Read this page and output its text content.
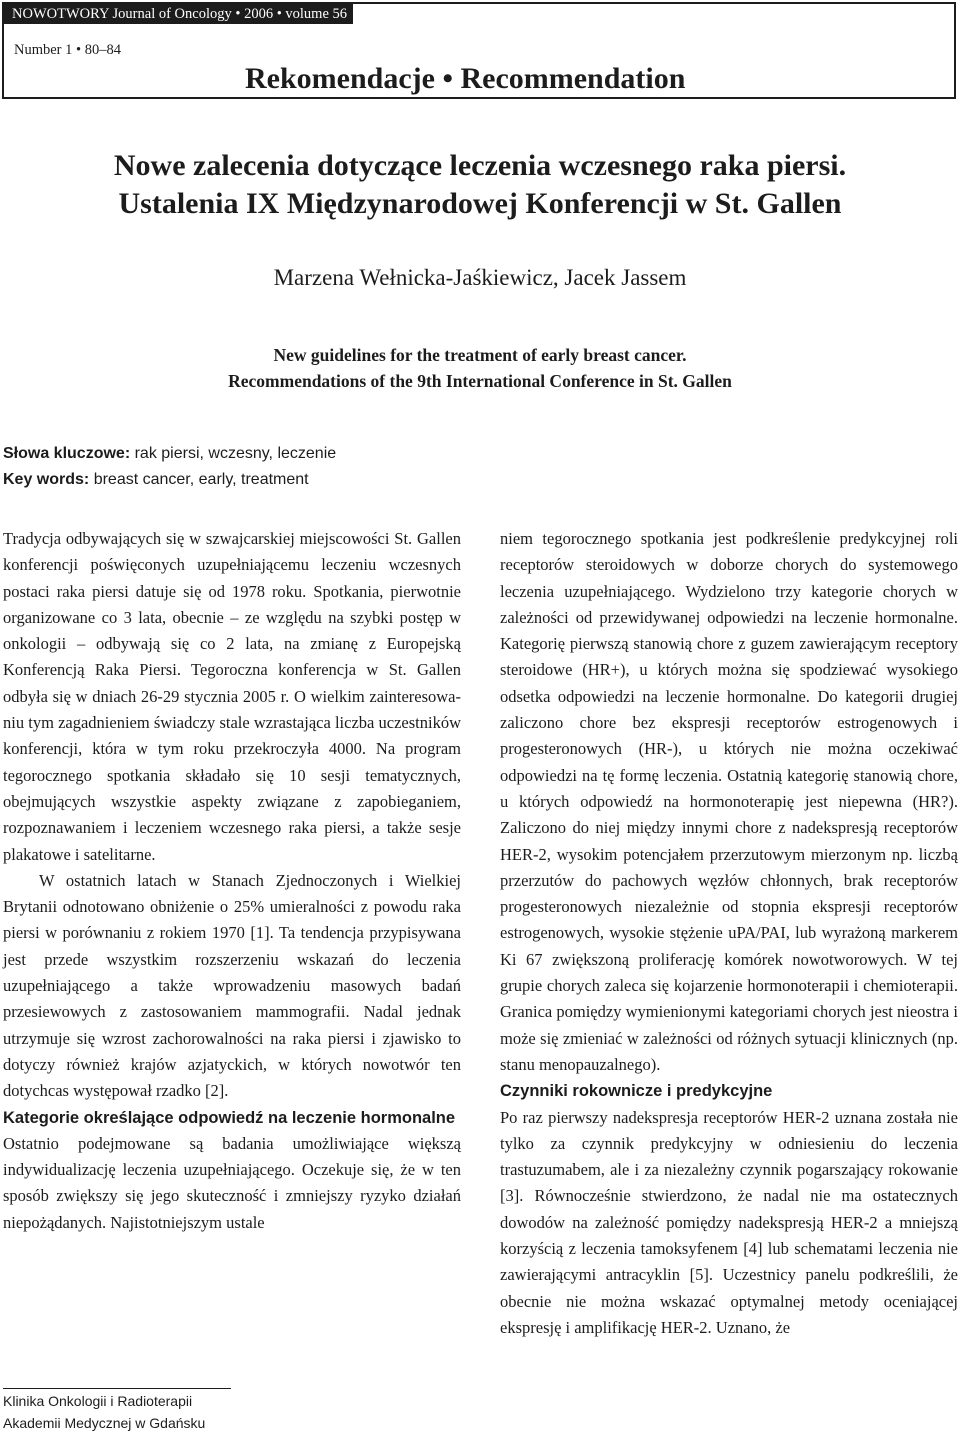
NOWOTWORY Journal of Oncology • 2006 • volume 56
Number 1 • 80–84
Rekomendacje • Recommendation
Nowe zalecenia dotyczące leczenia wczesnego raka piersi.
Ustalenia IX Międzynarodowej Konferencji w St. Gallen
Marzena Wełnicka-Jaśkiewicz, Jacek Jassem
New guidelines for the treatment of early breast cancer.
Recommendations of the 9th International Conference in St. Gallen
Słowa kluczowe: rak piersi, wczesny, leczenie
Key words: breast cancer, early, treatment

Tradycja odbywających się w szwajcarskiej miejscowości St. Gallen konferencji poświęconych uzupełniającemu leczeniu wczesnych postaci raka piersi datuje się od 1978 roku. Spotkania, pierwotnie organizowane co 3 lata, obecnie – ze względu na szybki postęp w onkologii – odbywają się co 2 lata, na zmianę z Europejską Konferencją Raka Piersi. Tegoroczna konferencja w St. Gallen odbyła się w dniach 26-29 stycznia 2005 r. O wielkim zainteresowaniu tym zagadnieniem świadczy stale wzrastająca liczba uczestników konferencji, która w tym roku przekroczyła 4000. Na program tegorocznego spotkania składało się 10 sesji tematycznych, obejmujących wszystkie aspekty związane z zapobieganiem, rozpoznawaniem i leczeniem wczesnego raka piersi, a także sesje plakatowe i satelitarne.

W ostatnich latach w Stanach Zjednoczonych i Wielkiej Brytanii odnotowano obniżenie o 25% umieralności z powodu raka piersi w porównaniu z rokiem 1970 [1]. Ta tendencja przypisywana jest przede wszystkim rozszerzeniu wskazań do leczenia uzupełniającego a także wprowadzeniu masowych badań przesiewowych z zastosowaniem mammografii. Nadal jednak utrzymuje się wzrost zachorowalności na raka piersi i zjawisko to dotyczy również krajów azjatyckich, w których nowotwór ten dotychcas występował rzadko [2].

Kategorie określające odpowiedź na leczenie hormonalne

Ostatnio podejmowane są badania umożliwiające większą indywidualizację leczenia uzupełniającego. Oczekuje się, że w ten sposób zwiększy się jego skuteczność i zmniejszy ryzyko działań niepożądanych. Najistotniejszym ustale

niem tegorocznego spotkania jest podkreślenie predykcyjnej roli receptorów steroidowych w doborze chorych do systemowego leczenia uzupełniającego. Wydzielono trzy kategorie chorych w zależności od przewidywanej odpowiedzi na leczenie hormonalne. Kategorię pierwszą stanowią chore z guzem zawierającym receptory steroidowe (HR+), u których można się spodziewać wysokiego odsetka odpowiedzi na leczenie hormonalne. Do kategorii drugiej zaliczono chore bez ekspresji receptorów estrogenowych i progesteronowych (HR-), u których nie można oczekiwać odpowiedzi na tę formę leczenia. Ostatnią kategorię stanowią chore, u których odpowiedź na hormonoterapię jest niepewna (HR?). Zaliczono do niej między innymi chore z nadekspresją receptorów HER-2, wysokim potencjałem przerzutowym mierzonym np. liczbą przerzutów do pachowych węzłów chłonnych, brak receptorów progesteronowych niezależnie od stopnia ekspresji receptorów estrogenowych, wysokie stężenie uPA/PAI, lub wyrażoną markerem Ki 67 zwiększoną proliferację komórek nowotworowych. W tej grupie chorych zaleca się kojarzenie hormonoterapii i chemioterapii. Granica pomiędzy wymienionymi kategoriami chorych jest nieostra i może się zmieniać w zależności od różnych sytuacji klinicznych (np. stanu menopauzalnego).

Czynniki rokownicze i predykcyjne

Po raz pierwszy nadekspresja receptorów HER-2 uznana została nie tylko za czynnik predykcyjny w odniesieniu do leczenia trastuzumabem, ale i za niezależny czynnik pogarszający rokowanie [3]. Równocześnie stwierdzono, że nadal nie ma ostatecznych dowodów na zależność pomiędzy nadekspresją HER-2 a mniejszą korzyścią z leczenia tamoksyfenem [4] lub schematami leczenia nie zawierającymi antracyklin [5]. Uczestnicy panelu podkreślili, że obecnie nie można wskazać optymalnej metody oceniającej ekspresję i amplifikację HER-2. Uznano, że

Klinika Onkologii i Radioterapii
Akademii Medycznej w Gdańsku
